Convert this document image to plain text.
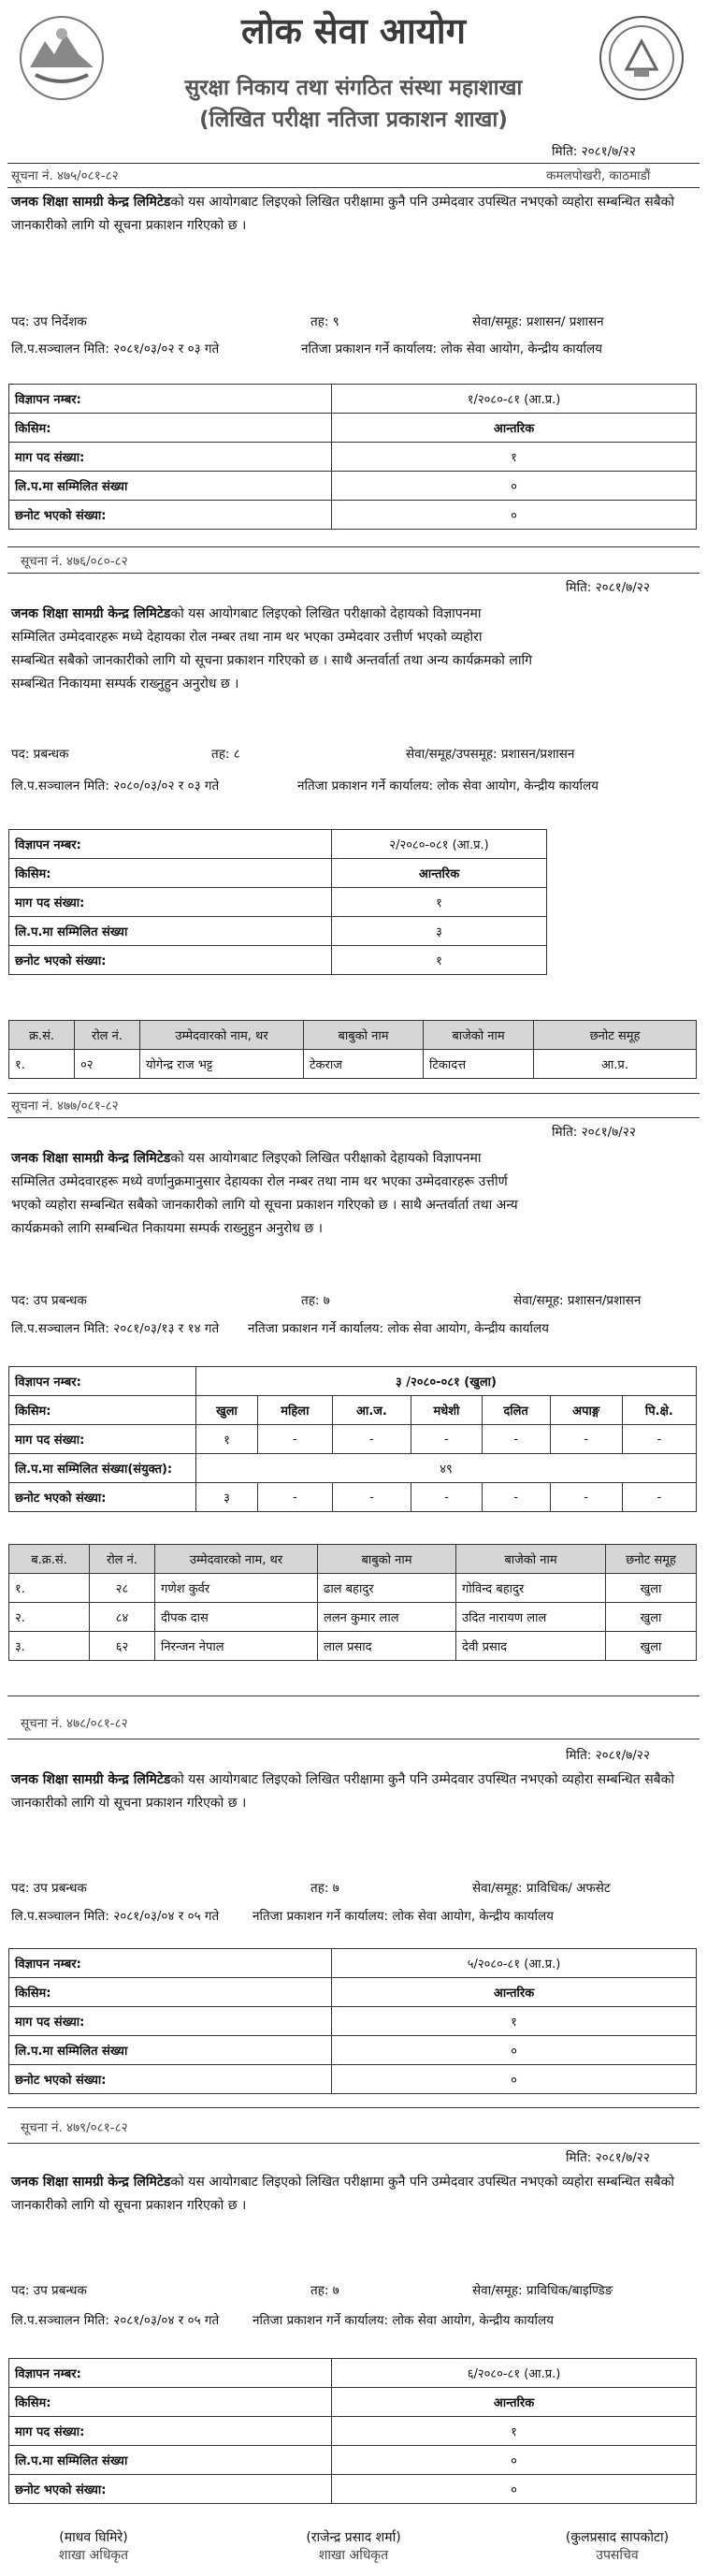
लोक सेवा आयोग
सुरक्षा निकाय तथा संगठित संस्था महाशाखा
(लिखित परीक्षा नतिजा प्रकाशन शाखा)
मिति: २०८१/७/२२
सूचना नं. ४७५/०८१-८२	कमलपोखरी, काठमाडौं
जनक शिक्षा सामग्री केन्द्र लिमिटेडको यस आयोगबाट लिइएको लिखित परीक्षामा कुनै पनि उम्मेदवार उपस्थित नभएको व्यहोरा सम्बन्धित सबैको जानकारीको लागि यो सूचना प्रकाशन गरिएको छ ।
पद: उप निर्देशक	तह: ९	सेवा/समूह: प्रशासन/ प्रशासन
लि.प.सञ्चालन मिति: २०८१/०३/०२ र ०३ गते	नतिजा प्रकाशन गर्ने कार्यालय: लोक सेवा आयोग, केन्द्रीय कार्यालय
विज्ञापन नम्बर:	१/२०८०-८१ (आ.प्र.)
किसिम:	आन्तरिक
माग पद संख्या:	१
लि.प.मा सम्मिलित संख्या	०
छनोट भएको संख्या:	०
सूचना नं. ४७६/०८०-८२
मिति: २०८१/७/२२
जनक शिक्षा सामग्री केन्द्र लिमिटेडको यस आयोगबाट लिइएको लिखित परीक्षाको देहायको विज्ञापनमा
सम्मिलित उम्मेदवारहरू मध्ये देहायका रोल नम्बर तथा नाम थर भएका उम्मेदवार उत्तीर्ण भएको व्यहोरा
सम्बन्धित सबैको जानकारीको लागि यो सूचना प्रकाशन गरिएको छ । साथै अन्तर्वार्ता तथा अन्य कार्यक्रमको लागि
सम्बन्धित निकायमा सम्पर्क राख्नुहुन अनुरोध छ ।
पद: प्रबन्धक	तह: ८	सेवा/समूह/उपसमूह: प्रशासन/प्रशासन
लि.प.सञ्चालन मिति: २०८०/०३/०२ र ०३ गते	नतिजा प्रकाशन गर्ने कार्यालय: लोक सेवा आयोग, केन्द्रीय कार्यालय
विज्ञापन नम्बर:	२/२०८०-०८१ (आ.प्र.)
किसिम:	आन्तरिक
माग पद संख्या:	१
लि.प.मा सम्मिलित संख्या	३
छनोट भएको संख्या:	१
क्र.सं.	रोल नं.	उम्मेदवारको नाम, थर	बाबुको नाम	बाजेको नाम	छनोट समूह
१.	०२	योगेन्द्र राज भट्ट	टेकराज	टिकादत्त	आ.प्र.
सूचना नं. ४७७/०८१-८२
मिति: २०८१/७/२२
जनक शिक्षा सामग्री केन्द्र लिमिटेडको यस आयोगबाट लिइएको लिखित परीक्षाको देहायको विज्ञापनमा
सम्मिलित उम्मेदवारहरू मध्ये वर्णानुक्रमानुसार देहायका रोल नम्बर तथा नाम थर भएका उम्मेदवारहरू उत्तीर्ण
भएको व्यहोरा सम्बन्धित सबैको जानकारीको लागि यो सूचना प्रकाशन गरिएको छ । साथै अन्तर्वार्ता तथा अन्य
कार्यक्रमको लागि सम्बन्धित निकायमा सम्पर्क राख्नुहुन अनुरोध छ ।
पद: उप प्रबन्धक	तह: ७	सेवा/समूह: प्रशासन/प्रशासन
लि.प.सञ्चालन मिति: २०८१/०३/१३ र १४ गते नतिजा प्रकाशन गर्ने कार्यालय: लोक सेवा आयोग, केन्द्रीय कार्यालय
विज्ञापन नम्बर:	३ /२०८०-०८१ (खुला)						
किसिम:	खुला	महिला	आ.ज.	मधेशी	दलित	अपाङ्ग	पि.क्षे.
माग पद संख्या:	१	-	-	-	-	-	-
लि.प.मा सम्मिलित संख्या(संयुक्त):	४९						
छनोट भएको संख्या:	३	-	-	-	-	-	-
ब.क्र.सं.	रोल नं.	उम्मेदवारको नाम, थर	बाबुको नाम	बाजेको नाम	छनोट समूह
१.	२८	गणेश कुर्वर	ढाल बहादुर	गोविन्द बहादुर	खुला
२.	८४	दीपक दास	ललन कुमार लाल	उदित नारायण लाल	खुला
३.	६२	निरन्जन नेपाल	लाल प्रसाद	देवी प्रसाद	खुला
सूचना नं. ४७८/०८१-८२
मिति: २०८१/७/२२
जनक शिक्षा सामग्री केन्द्र लिमिटेडको यस आयोगबाट लिइएको लिखित परीक्षामा कुनै पनि उम्मेदवार उपस्थित नभएको व्यहोरा सम्बन्धित सबैको जानकारीको लागि यो सूचना प्रकाशन गरिएको छ ।
पद: उप प्रबन्धक	तह: ७	सेवा/समूह: प्राविधिक/ अफसेट
लि.प.सञ्चालन मिति: २०८१/०३/०४ र ०५ गते	नतिजा प्रकाशन गर्ने कार्यालय: लोक सेवा आयोग, केन्द्रीय कार्यालय
विज्ञापन नम्बर:	५/२०८०-८१ (आ.प्र.)
किसिम:	आन्तरिक
माग पद संख्या:	१
लि.प.मा सम्मिलित संख्या	०
छनोट भएको संख्या:	०
सूचना नं. ४७९/०८१-८२
मिति: २०८१/७/२२
जनक शिक्षा सामग्री केन्द्र लिमिटेडको यस आयोगबाट लिइएको लिखित परीक्षामा कुनै पनि उम्मेदवार उपस्थित नभएको व्यहोरा सम्बन्धित सबैको जानकारीको लागि यो सूचना प्रकाशन गरिएको छ ।
पद: उप प्रबन्धक	तह: ७	सेवा/समूह: प्राविधिक/बाइण्डिङ
लि.प.सञ्चालन मिति: २०८१/०३/०४ र ०५ गते	नतिजा प्रकाशन गर्ने कार्यालय: लोक सेवा आयोग, केन्द्रीय कार्यालय
विज्ञापन नम्बर:	६/२०८०-८१ (आ.प्र.)
किसिम:	आन्तरिक
माग पद संख्या:	१
लि.प.मा सम्मिलित संख्या	०
छनोट भएको संख्या:	०
(माधव घिमिरे)
शाखा अधिकृत
(राजेन्द्र प्रसाद शर्मा)
शाखा अधिकृत
(कुलप्रसाद सापकोटा)
उपसचिव
